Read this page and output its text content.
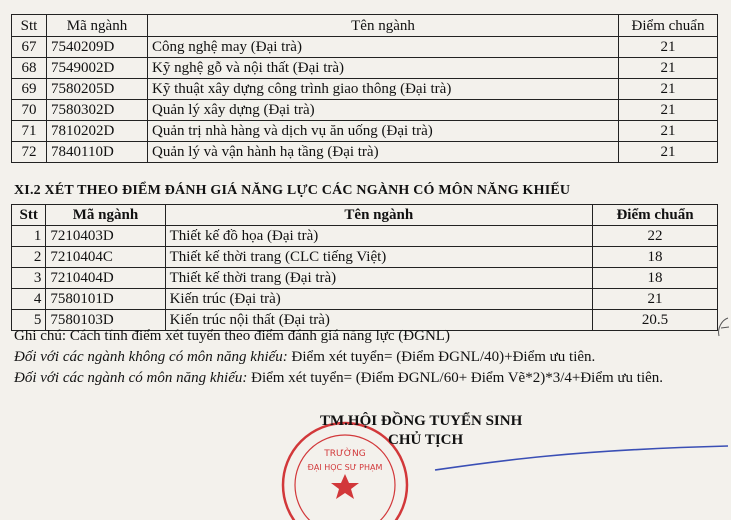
Stt	Mã ngành	Tên ngành	Điểm chuẩn
67	7540209D	Công nghệ may (Đại trà)	21
68	7549002D	Kỹ nghệ gỗ và nội thất (Đại trà)	21
69	7580205D	Kỹ thuật xây dựng công trình giao thông (Đại trà)	21
70	7580302D	Quản lý xây dựng (Đại trà)	21
71	7810202D	Quản trị nhà hàng và dịch vụ ăn uống (Đại trà)	21
72	7840110D	Quản lý và vận hành hạ tầng (Đại trà)	21
XI.2 XÉT THEO ĐIỂM ĐÁNH GIÁ NĂNG LỰC CÁC NGÀNH CÓ MÔN NĂNG KHIẾU
Stt	Mã ngành	Tên ngành	Điểm chuẩn
1	7210403D	Thiết kế đồ họa (Đại trà)	22
2	7210404C	Thiết kế thời trang (CLC tiếng Việt)	18
3	7210404D	Thiết kế thời trang (Đại trà)	18
4	7580101D	Kiến trúc (Đại trà)	21
5	7580103D	Kiến trúc nội thất (Đại trà)	20.5
Ghi chú: Cách tính điểm xét tuyển theo điểm đánh giá năng lực (ĐGNL)
Đối với các ngành không có môn năng khiếu: Điểm xét tuyển= (Điểm ĐGNL/40)+Điểm ưu tiên.
Đối với các ngành có môn năng khiếu: Điểm xét tuyển= (Điểm ĐGNL/60+ Điểm Vẽ*2)*3/4+Điểm ưu tiên.
TRƯỜNG
ĐẠI HỌC SƯ PHẠM
TM.HỘI ĐỒNG TUYỂN SINH
CHỦ TỊCH
